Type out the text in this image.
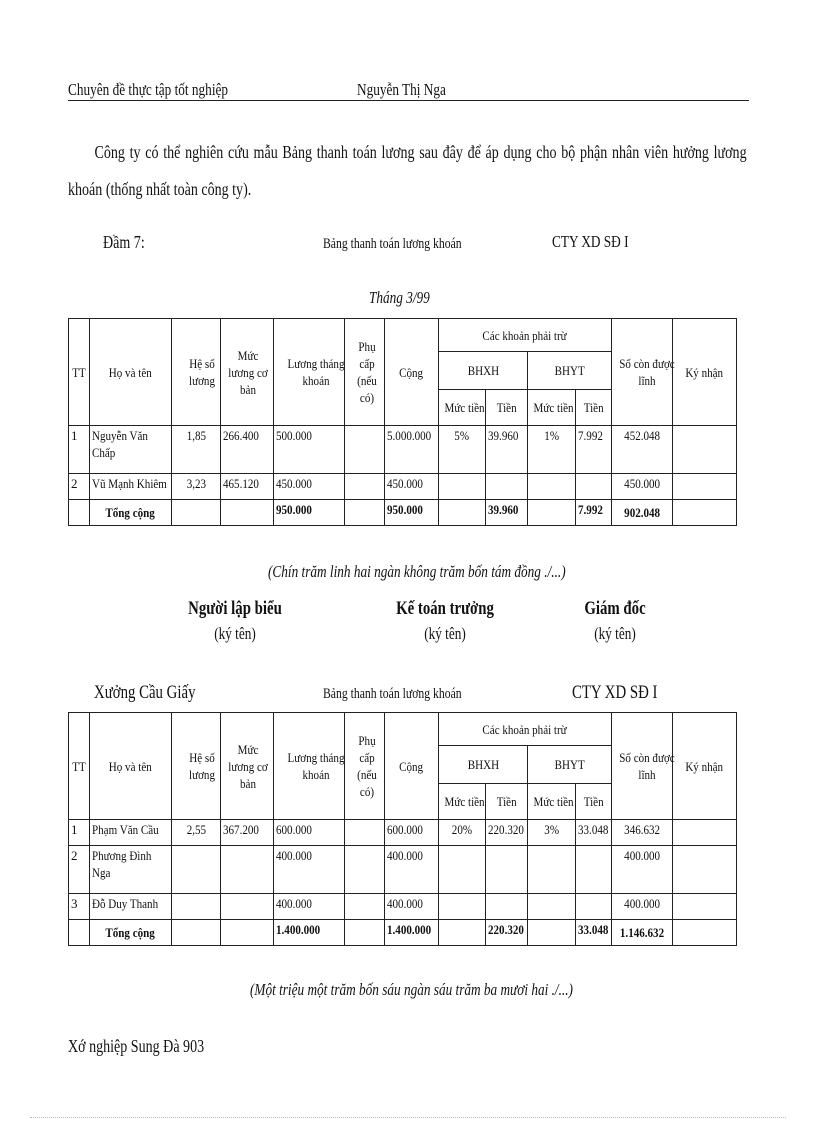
Chuyên đề thực tập tốt nghiệp	Nguyễn Thị Nga
Công ty có thể nghiên cứu mẫu Bảng thanh toán lương sau đây để áp dụng cho bộ phận nhân viên hưởng lương khoán (thống nhất toàn công ty).
Đầm 7:	Bảng thanh toán lương khoán	CTY XD SĐ I
Tháng 3/99
TT	Họ và tên	Hệ số lương	Mức lương cơ bản	Lương tháng khoán	Phụ cấp (nếu có)	Cộng	Các khoản phải trừ				Số còn được lĩnh	Ký nhận
							BHXH		BHYT			
							Mức tiền	Tiền	Mức tiền	Tiền		
1	Nguyễn Văn Chấp	1,85	266.400	500.000		5.000.000	5%	39.960	1%	7.992	452.048	
2	Vũ Mạnh Khiêm	3,23	465.120	450.000		450.000					450.000	
	Tổng cộng			950.000		950.000		39.960		7.992	902.048	
(Chín trăm linh hai ngàn không trăm bốn tám đồng ./...)
Người lập biểu
(ký tên)
Kế toán trưởng
(ký tên)
Giám đốc
(ký tên)
Xưởng Cầu Giấy	Bảng thanh toán lương khoán	CTY XD SĐ I
TT	Họ và tên	Hệ số lương	Mức lương cơ bản	Lương tháng khoán	Phụ cấp (nếu có)	Cộng	Các khoản phải trừ				Số còn được lĩnh	Ký nhận
							BHXH		BHYT			
							Mức tiền	Tiền	Mức tiền	Tiền		
1	Phạm Văn Cầu	2,55	367.200	600.000		600.000	20%	220.320	3%	33.048	346.632	
2	Phương Đình Nga			400.000		400.000					400.000	
3	Đỗ Duy Thanh			400.000		400.000					400.000	
	Tổng cộng			1.400.000		1.400.000		220.320		33.048	1.146.632	
(Một triệu một trăm bốn sáu ngàn sáu trăm ba mươi hai ./...)
Xớ nghiệp Sung Đà 903
